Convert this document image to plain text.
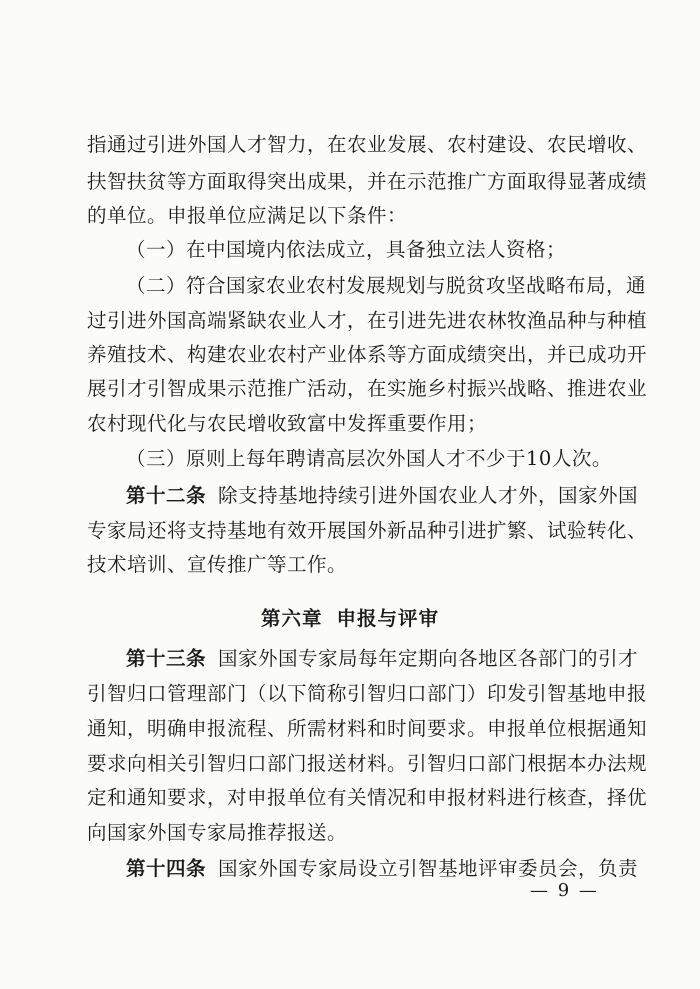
指通过引进外国人才智力，在农业发展、农村建设、农民增收、
扶智扶贫等方面取得突出成果，并在示范推广方面取得显著成绩
的单位。申报单位应满足以下条件：
（一）在中国境内依法成立，具备独立法人资格；
（二）符合国家农业农村发展规划与脱贫攻坚战略布局，通
过引进外国高端紧缺农业人才，在引进先进农林牧渔品种与种植
养殖技术、构建农业农村产业体系等方面成绩突出，并已成功开
展引才引智成果示范推广活动，在实施乡村振兴战略、推进农业
农村现代化与农民增收致富中发挥重要作用；
（三）原则上每年聘请高层次外国人才不少于10人次。
第十二条 除支持基地持续引进外国农业人才外，国家外国
专家局还将支持基地有效开展国外新品种引进扩繁、试验转化、
技术培训、宣传推广等工作。
第六章 申报与评审
第十三条 国家外国专家局每年定期向各地区各部门的引才
引智归口管理部门（以下简称引智归口部门）印发引智基地申报
通知，明确申报流程、所需材料和时间要求。申报单位根据通知
要求向相关引智归口部门报送材料。引智归口部门根据本办法规
定和通知要求，对申报单位有关情况和申报材料进行核查，择优
向国家外国专家局推荐报送。
第十四条 国家外国专家局设立引智基地评审委员会，负责
— 9 —
